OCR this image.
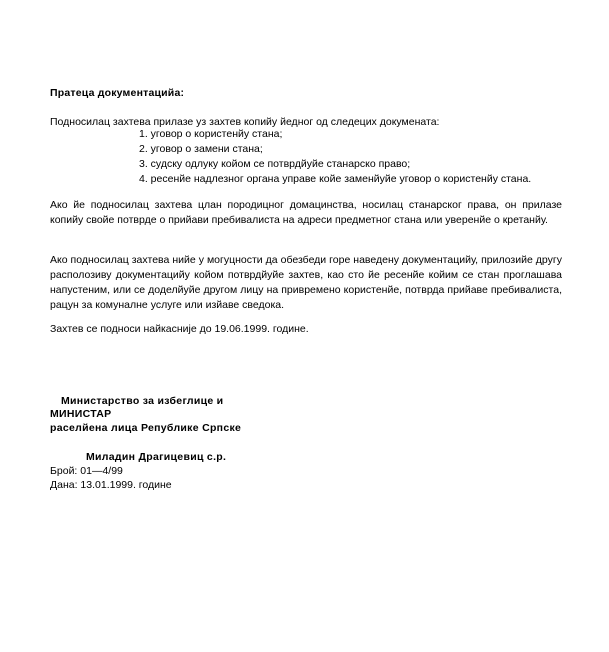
Пратеца документацийа:
Подносилац захтева прилазе уз захтев копийу йедног од следецих докумената:
1. уговор о користенйу стана;
2. уговор о замени стана;
3. судску одлуку койом се потврдйуйе станарско право;
4. ресенйе надлезног органа управе койе заменйуйе уговор о користенйу стана.
Ако йе подносилац захтева цлан породицног домацинства, носилац станарског права, он прилазе копийу свойе потврде о прийави пребивалиста на адреси предметног стана или уверенйе о кретанйу.
Ако подносилац захтева нийе у могуцности да обезбеди горе наведену документацийу, прилозийе другу располозиву документацийу койом потврдйуйе захтев, као сто йе ресенйе койим се стан проглашава напустеним, или се доделйуйе другом лицу на привремено користенйе, потврда прийаве пребивалиста, рацун за комуналне услуге или изйаве сведока.
Захтев се подноси найкасниjе до 19.06.1999. године.
Министарство за избеглице и
МИНИСТАР
раселйена лица Републике Српске
Миладин Драгицевиц с.р.
Брой: 01—4/99
Дана: 13.01.1999. године
